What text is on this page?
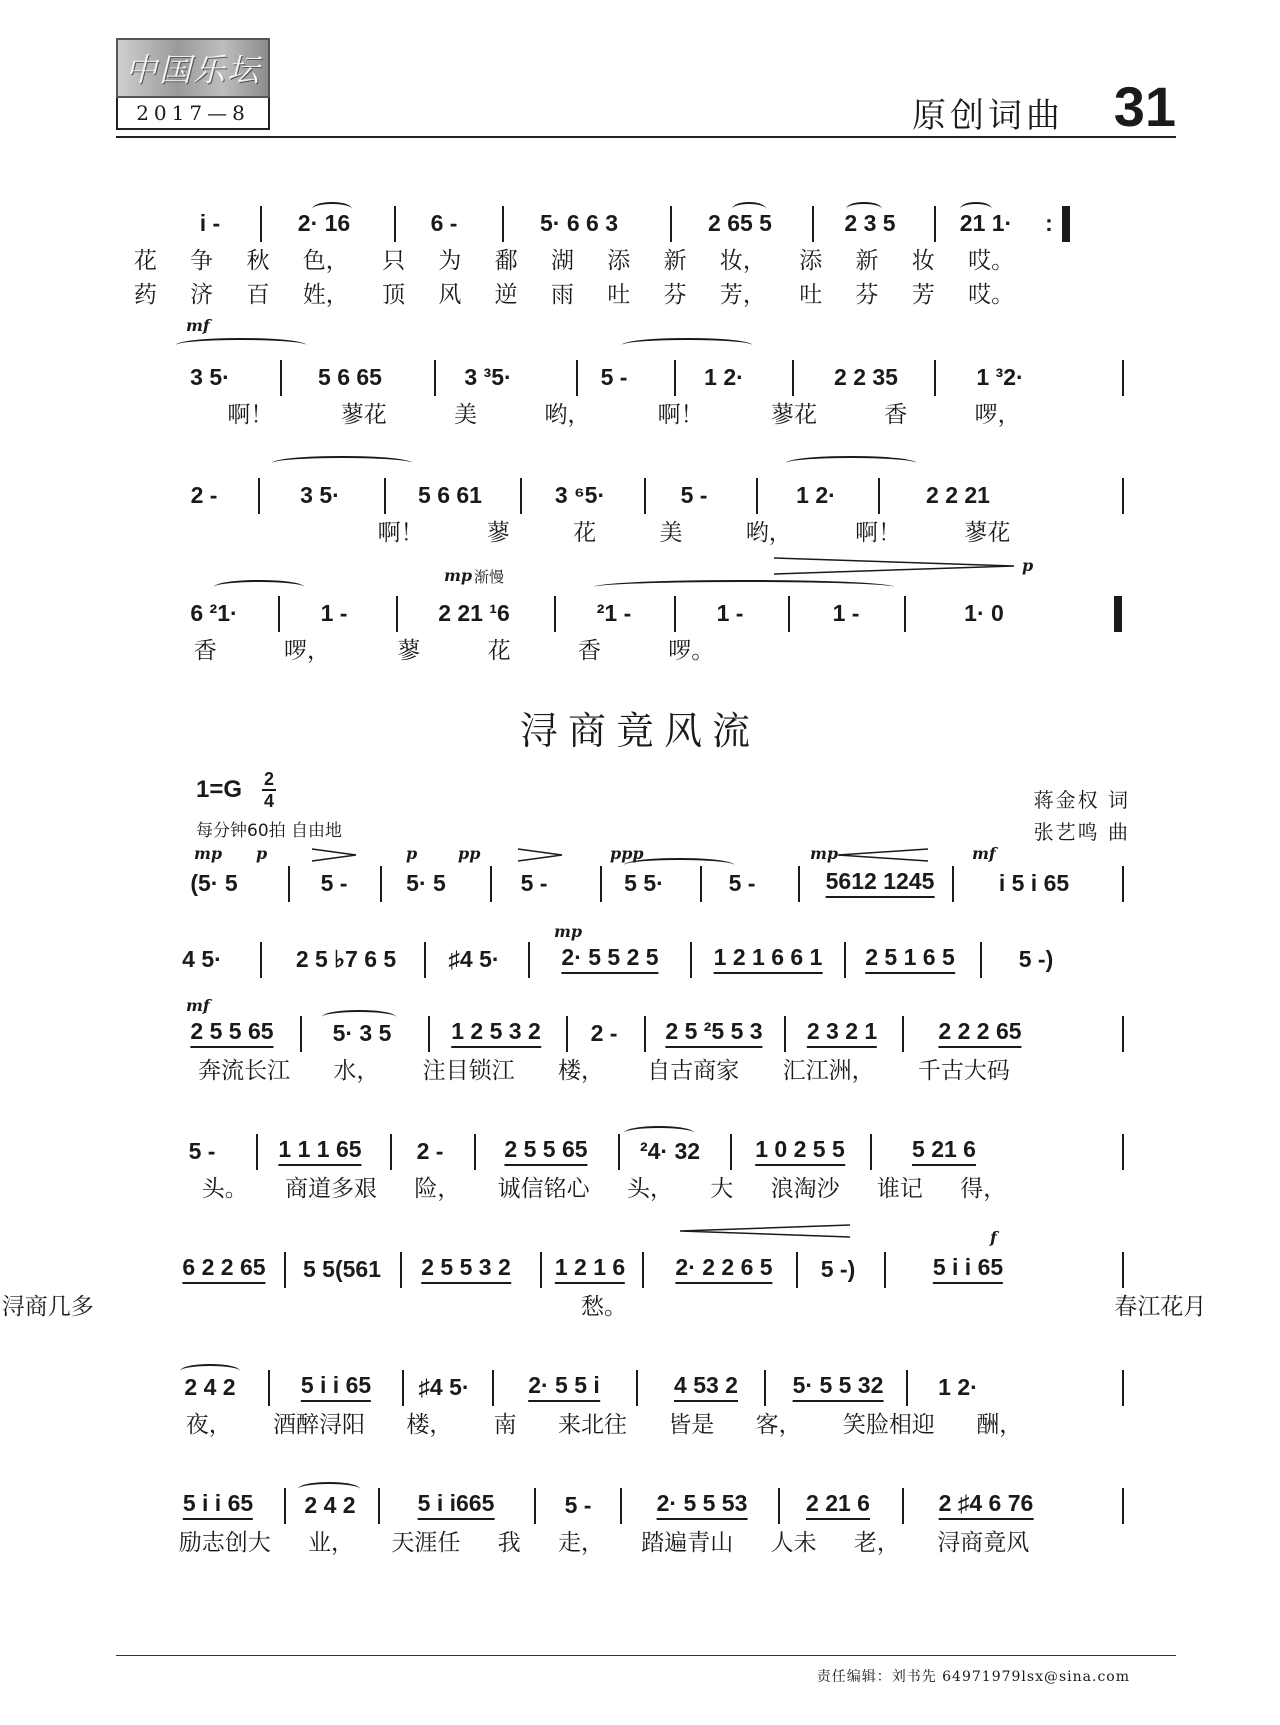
中国乐坛
2017—8	原创词曲 31
i -	2· 16	6 -	5· 6 6 3	2 65 5	2 3 5	21 1· :
花 争 秋 色， 只 为 鄱 湖 添 新 妆， 添 新 妆 哎。
药 济 百 姓， 顶 风 逆 雨 吐 芬 芳， 吐 芬 芳 哎。
mf
3 5·	5 6 65	3 ³5·	5 -	1 2·	2 2 35	1 ³2·
啊！ 蓼花 美 哟， 啊！ 蓼花 香 啰，
2 -	3 5·	5 6 61	3 ⁶5·	5 -	1 2·	2 2 21
啊！ 蓼 花 美 哟， 啊！ 蓼花
mp 渐慢
p
6 ²1·	1 -	2 21 ¹6	²1 -	1 -	1 -	1· 0
香 啰， 蓼 花 香 啰。
浔商竟风流
1=G 2
4
每分钟60拍 自由地
蒋金权 词
张艺鸣 曲
mp p	p	pp	ppp	mp	mf
(5· 5	5 -	5· 5	5 -	5 5·	5 -	5612 1245	i 5 i 65
mp
4 5·	2 5 ♭7 6 5 ♯4 5·	2· 5 5 2 5 1 2 1 6 6 1 2 5 1 6 5	5 -)
mf
2 5 5 65	5· 3 5	1 2 5 3 2 2 - 2 5 ²5 5 3 2 3 2 1	2 2 2 65
奔流长江 水， 注目锁江 楼， 自古商家 汇江洲， 千古大码
5 -	1 1 1 65 2 -	2 5 5 65 ²4· 32 1 0 2 5 5	5 21 6
头。 商道多艰 险， 诚信铭心 头， 大 浪淘沙 谁记 得，
f
6 2 2 65 5 5(561 2 5 5 3 2 1 2 1 6 2· 2 2 6 5 5 -)	5 i i 65
浔商几多 愁。 春江花月
2 4 2	5 i i 65 ♯4 5·	2· 5 5 i	4 53 2 5· 5 5 32 1 2·
夜， 酒醉浔阳 楼， 南 来北往 皆是 客， 笑脸相迎 酬，
5 i i 65 2 4 2	5 i i665	5 -	2· 5 5 53	2 21 6	2 ♯4 6 76
励志创大 业， 天涯任 我 走， 踏遍青山 人未 老， 浔商竟风
责任编辑：刘书先 64971979lsx@sina.com
